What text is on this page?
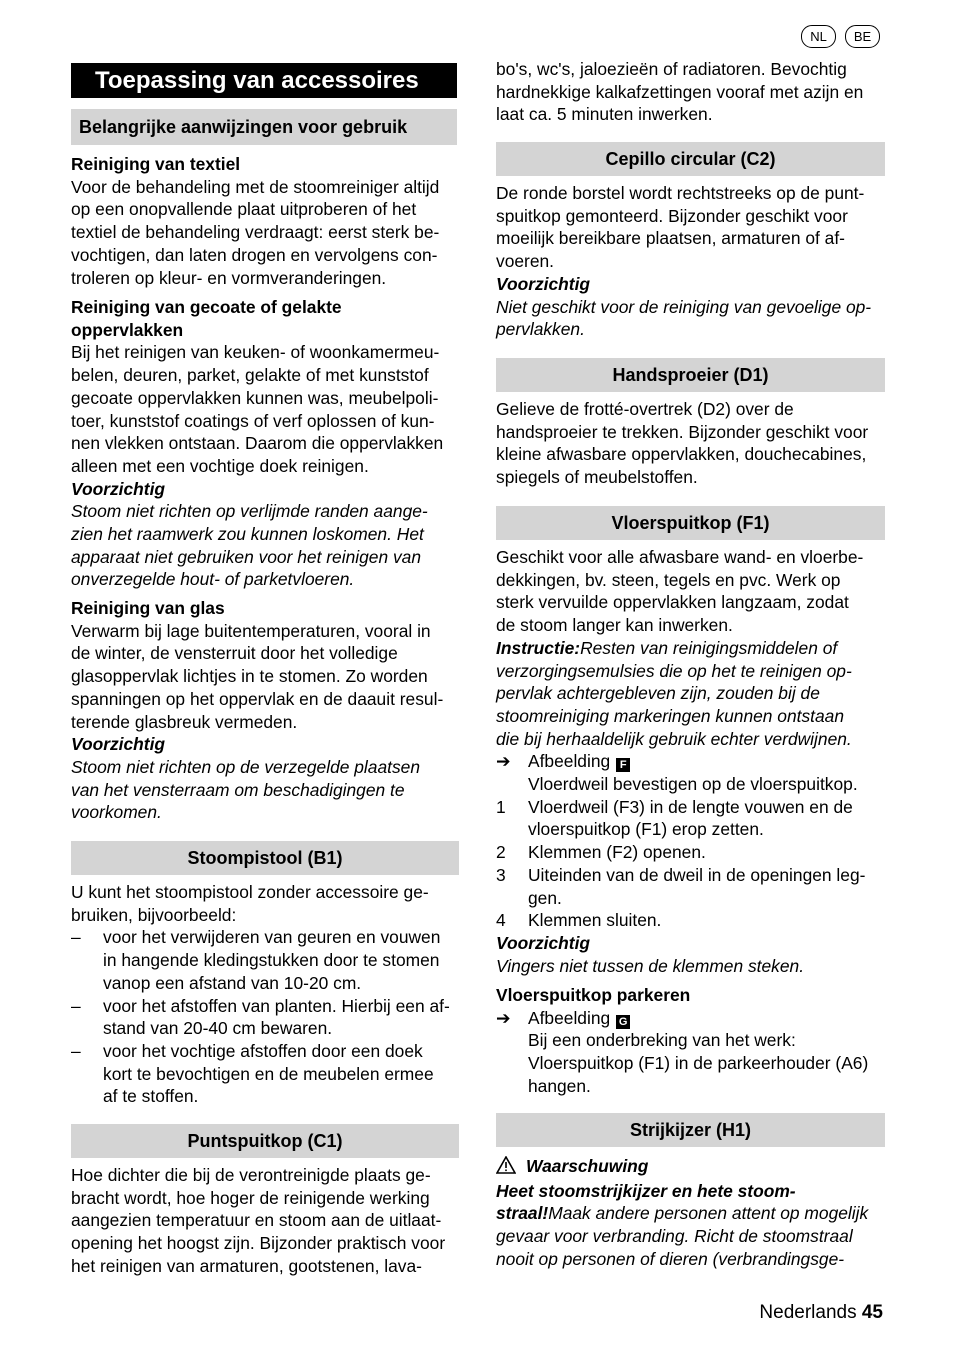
NL	BE
Toepassing van accessoires
Belangrijke aanwijzingen voor gebruik

Reiniging van textiel

Voor de behandeling met de stoomreiniger altijd

op een onopvallende plaat uitproberen of het

textiel de behandeling verdraagt: eerst sterk be-

vochtigen, dan laten drogen en vervolgens con-

troleren op kleur- en vormveranderingen.

Reiniging van gecoate of gelakte

oppervlakken

Bij het reinigen van keuken- of woonkamermeu-

belen, deuren, parket, gelakte of met kunststof

gecoate oppervlakken kunnen was, meubelpoli-

toer, kunststof coatings of verf oplossen of kun-

nen vlekken ontstaan. Daarom die oppervlakken

alleen met een vochtige doek reinigen.

Voorzichtig

Stoom niet richten op verlijmde randen aange-

zien het raamwerk zou kunnen loskomen. Het

apparaat niet gebruiken voor het reinigen van

onverzegelde hout- of parketvloeren.

Reiniging van glas

Verwarm bij lage buitentemperaturen, vooral in

de winter, de vensterruit door het volledige

glasoppervlak lichtjes in te stomen. Zo worden

spanningen op het oppervlak en de daauit resul-

terende glasbreuk vermeden.

Voorzichtig

Stoom niet richten op de verzegelde plaatsen

van het vensterraam om beschadigingen te

voorkomen.

Stoompistool (B1)

U kunt het stoompistool zonder accessoire ge-

bruiken, bijvoorbeeld:

–	voor het verwijderen van geuren en vouwen

in hangende kledingstukken door te stomen

vanop een afstand van 10-20 cm.

–	voor het afstoffen van planten. Hierbij een af-

stand van 20-40 cm bewaren.

–	voor het vochtige afstoffen door een doek

kort te bevochtigen en de meubelen ermee

af te stoffen.

Puntspuitkop (C1)

Hoe dichter die bij de verontreinigde plaats ge-

bracht wordt, hoe hoger de reinigende werking

aangezien temperatuur en stoom aan de uitlaat-

opening het hoogst zijn. Bijzonder praktisch voor

het reinigen van armaturen, gootstenen, lava-

bo's, wc's, jaloezieën of radiatoren. Bevochtig

hardnekkige kalkafzettingen vooraf met azijn en

laat ca. 5 minuten inwerken.

Cepillo circular (C2)

De ronde borstel wordt rechtstreeks op de punt-

spuitkop gemonteerd. Bijzonder geschikt voor

moeilijk bereikbare plaatsen, armaturen of af-

voeren.

Voorzichtig

Niet geschikt voor de reiniging van gevoelige op-

pervlakken.

Handsproeier (D1)

Gelieve de frotté-overtrek (D2) over de

handsproeier te trekken. Bijzonder geschikt voor

kleine afwasbare oppervlakken, douchecabines,

spiegels of meubelstoffen.

Vloerspuitkop (F1)

Geschikt voor alle afwasbare wand- en vloerbe-

dekkingen, bv. steen, tegels en pvc. Werk op

sterk vervuilde oppervlakken langzaam, zodat

de stoom langer kan inwerken.

Instructie:Resten van reinigingsmiddelen of

verzorgingsemulsies die op het te reinigen op-

pervlak achtergebleven zijn, zouden bij de

stoomreiniging markeringen kunnen ontstaan

die bij herhaaldelijk gebruik echter verdwijnen.

➔	Afbeelding F

Vloerdweil bevestigen op de vloerspuitkop.

1	Vloerdweil (F3) in de lengte vouwen en de

vloerspuitkop (F1) erop zetten.

2	Klemmen (F2) openen.

3	Uiteinden van de dweil in de openingen leg-

gen.

4	Klemmen sluiten.

Voorzichtig

Vingers niet tussen de klemmen steken.

Vloerspuitkop parkeren

➔	Afbeelding G

Bij een onderbreking van het werk:

Vloerspuitkop (F1) in de parkeerhouder (A6)

hangen.

Strijkijzer (H1)

Waarschuwing

Heet stoomstrijkijzer en hete stoom-

straal!Maak andere personen attent op mogelijk

gevaar voor verbranding. Richt de stoomstraal

nooit op personen of dieren (verbrandingsge-

Nederlands 45
